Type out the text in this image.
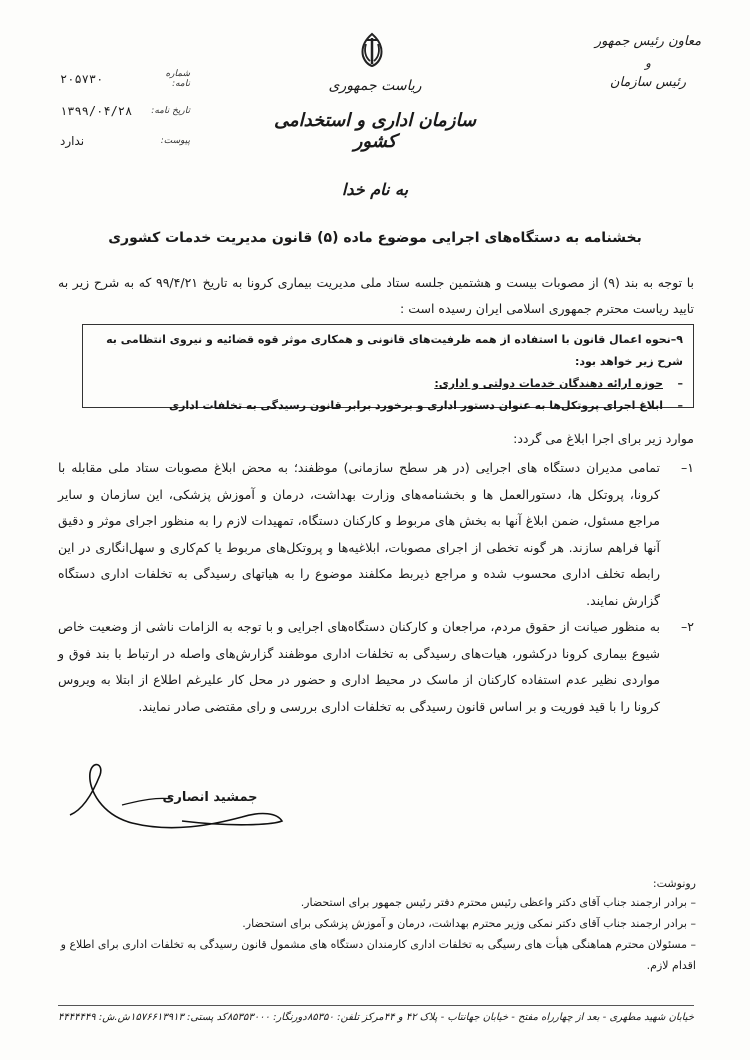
معاون رئیس جمهور
و
رئیس سازمان
ریاست جمهوری
سازمان اداری و استخدامی کشور
شماره نامه:
۲۰۵۷۳۰
تاریخ نامه:
۱۳۹۹/۰۴/۲۸
پیوست:
ندارد
به نام خدا
بخشنامه به دستگاه‌های اجرایی موضوع ماده (۵) قانون مدیریت خدمات کشوری
با توجه به بند (۹) از مصوبات بیست و هشتمین جلسه ستاد ملی مدیریت بیماری کرونا به تاریخ ۹۹/۴/۲۱ که به شرح زیر به تایید ریاست محترم جمهوری اسلامی ایران رسیده است :
۹–نحوه اعمال قانون با استفاده از همه ظرفیت‌های قانونی و همکاری موثر قوه قضائیه و نیروی انتظامی به شرح زیر خواهد بود:
–حوزه ارائه دهندگان خدمات دولتی و اداری:
–ابلاغ اجرای پروتکل‌ها به عنوان دستور اداری و برخورد برابر قانون رسیدگی به تخلفات اداری
موارد زیر برای اجرا ابلاغ می گردد:
۱–
تمامی مدیران دستگاه های اجرایی (در هر سطح سازمانی) موظفند؛ به محض ابلاغ مصوبات ستاد ملی مقابله با کرونا، پروتکل ها، دستورالعمل ها و بخشنامه‌های وزارت بهداشت، درمان و آموزش پزشکی، این سازمان و سایر مراجع مسئول، ضمن ابلاغ آنها به بخش های مربوط و کارکنان دستگاه، تمهیدات لازم را به منظور اجرای موثر و دقیق آنها فراهم سازند. هر گونه تخطی از اجرای مصوبات، ابلاغیه‌ها و پروتکل‌های مربوط یا کم‌کاری و سهل‌انگاری در این رابطه تخلف اداری محسوب شده و مراجع ذیربط مکلفند موضوع را به هیاتهای رسیدگی به تخلفات اداری دستگاه گزارش نمایند.
۲–
به منظور صیانت از حقوق مردم، مراجعان و کارکنان دستگاه‌های اجرایی و با توجه به الزامات ناشی از وضعیت خاص شیوع بیماری کرونا درکشور، هیات‌های رسیدگی به تخلفات اداری موظفند گزارش‌های واصله در ارتباط با بند فوق و مواردی نظیر عدم استفاده کارکنان از ماسک در محیط اداری و حضور در محل کار علیرغم اطلاع از ابتلا به ویروس کرونا را با قید فوریت و بر اساس قانون رسیدگی به تخلفات اداری بررسی و رای مقتضی صادر نمایند.
جمشید انصاری
رونوشت:
– برادر ارجمند جناب آقای دکتر واعظی رئیس محترم دفتر رئیس جمهور برای استحضار.
– برادر ارجمند جناب آقای دکتر نمکی وزیر محترم بهداشت، درمان و آموزش پزشکی برای استحضار.
– مسئولان محترم هماهنگی هیأت های رسیگی به تخلفات اداری کارمندان دستگاه های مشمول قانون رسیدگی به تخلفات اداری برای اطلاع و اقدام لازم.
خیابان شهید مطهری - بعد از چهارراه مفتح - خیابان جهانتاب - پلاک ۴۲ و ۴۴
مرکز تلفن: ۸۵۳۵۰
دورنگار: ۸۵۳۵۳۰۰۰
کد پستی: ۱۵۷۶۶۱۳۹۱۳
ش.ش: ۴۴۴۴۴۴۹
